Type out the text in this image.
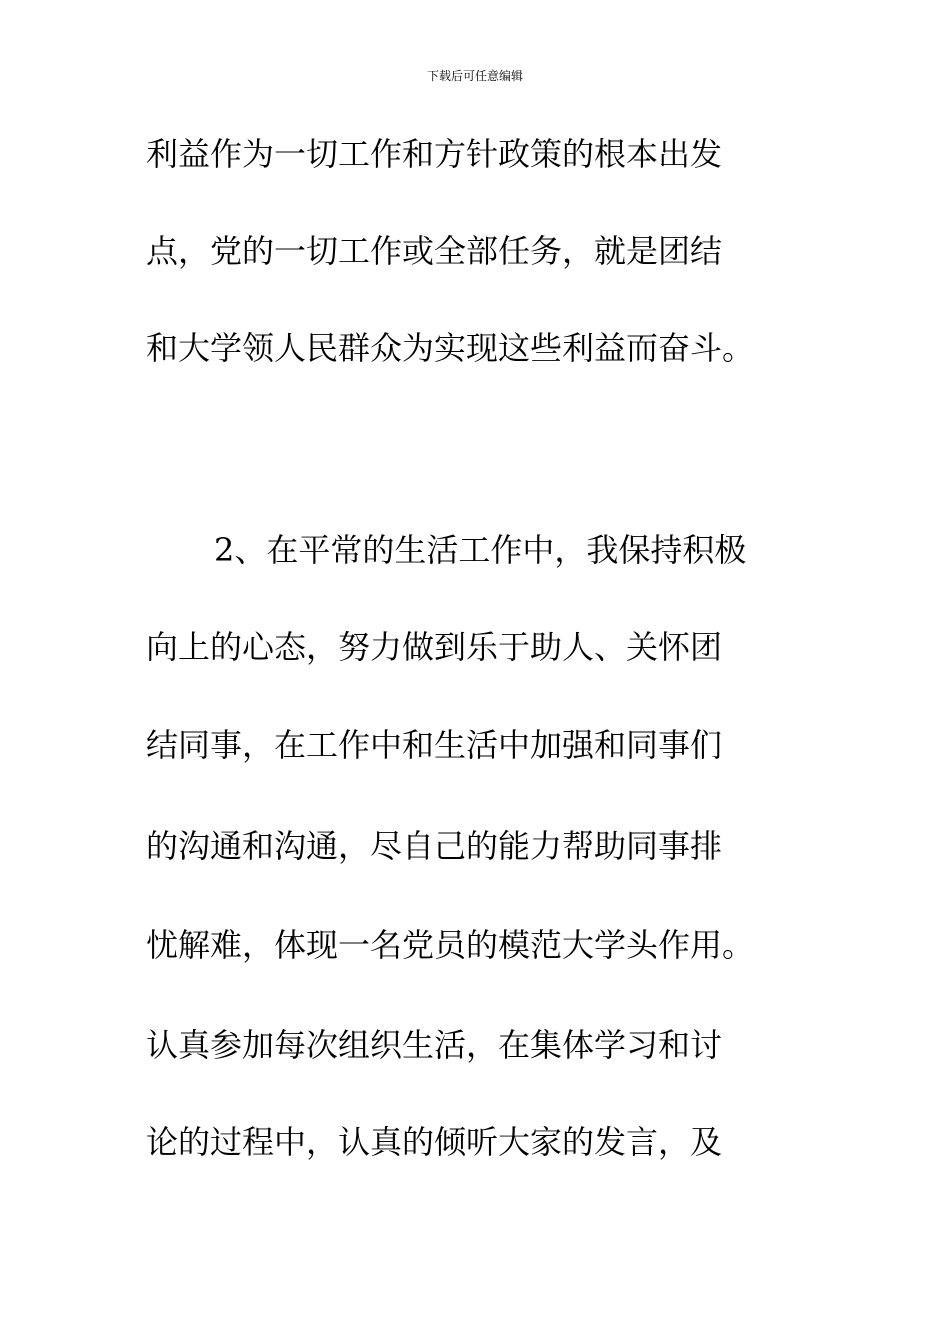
下载后可任意编辑
利益作为一切工作和方针政策的根本出发
点，党的一切工作或全部任务，就是团结
和大学领人民群众为实现这些利益而奋斗。
2、在平常的生活工作中，我保持积极
向上的心态，努力做到乐于助人、关怀团
结同事，在工作中和生活中加强和同事们
的沟通和沟通，尽自己的能力帮助同事排
忧解难，体现一名党员的模范大学头作用。
认真参加每次组织生活，在集体学习和讨
论的过程中，认真的倾听大家的发言，及
